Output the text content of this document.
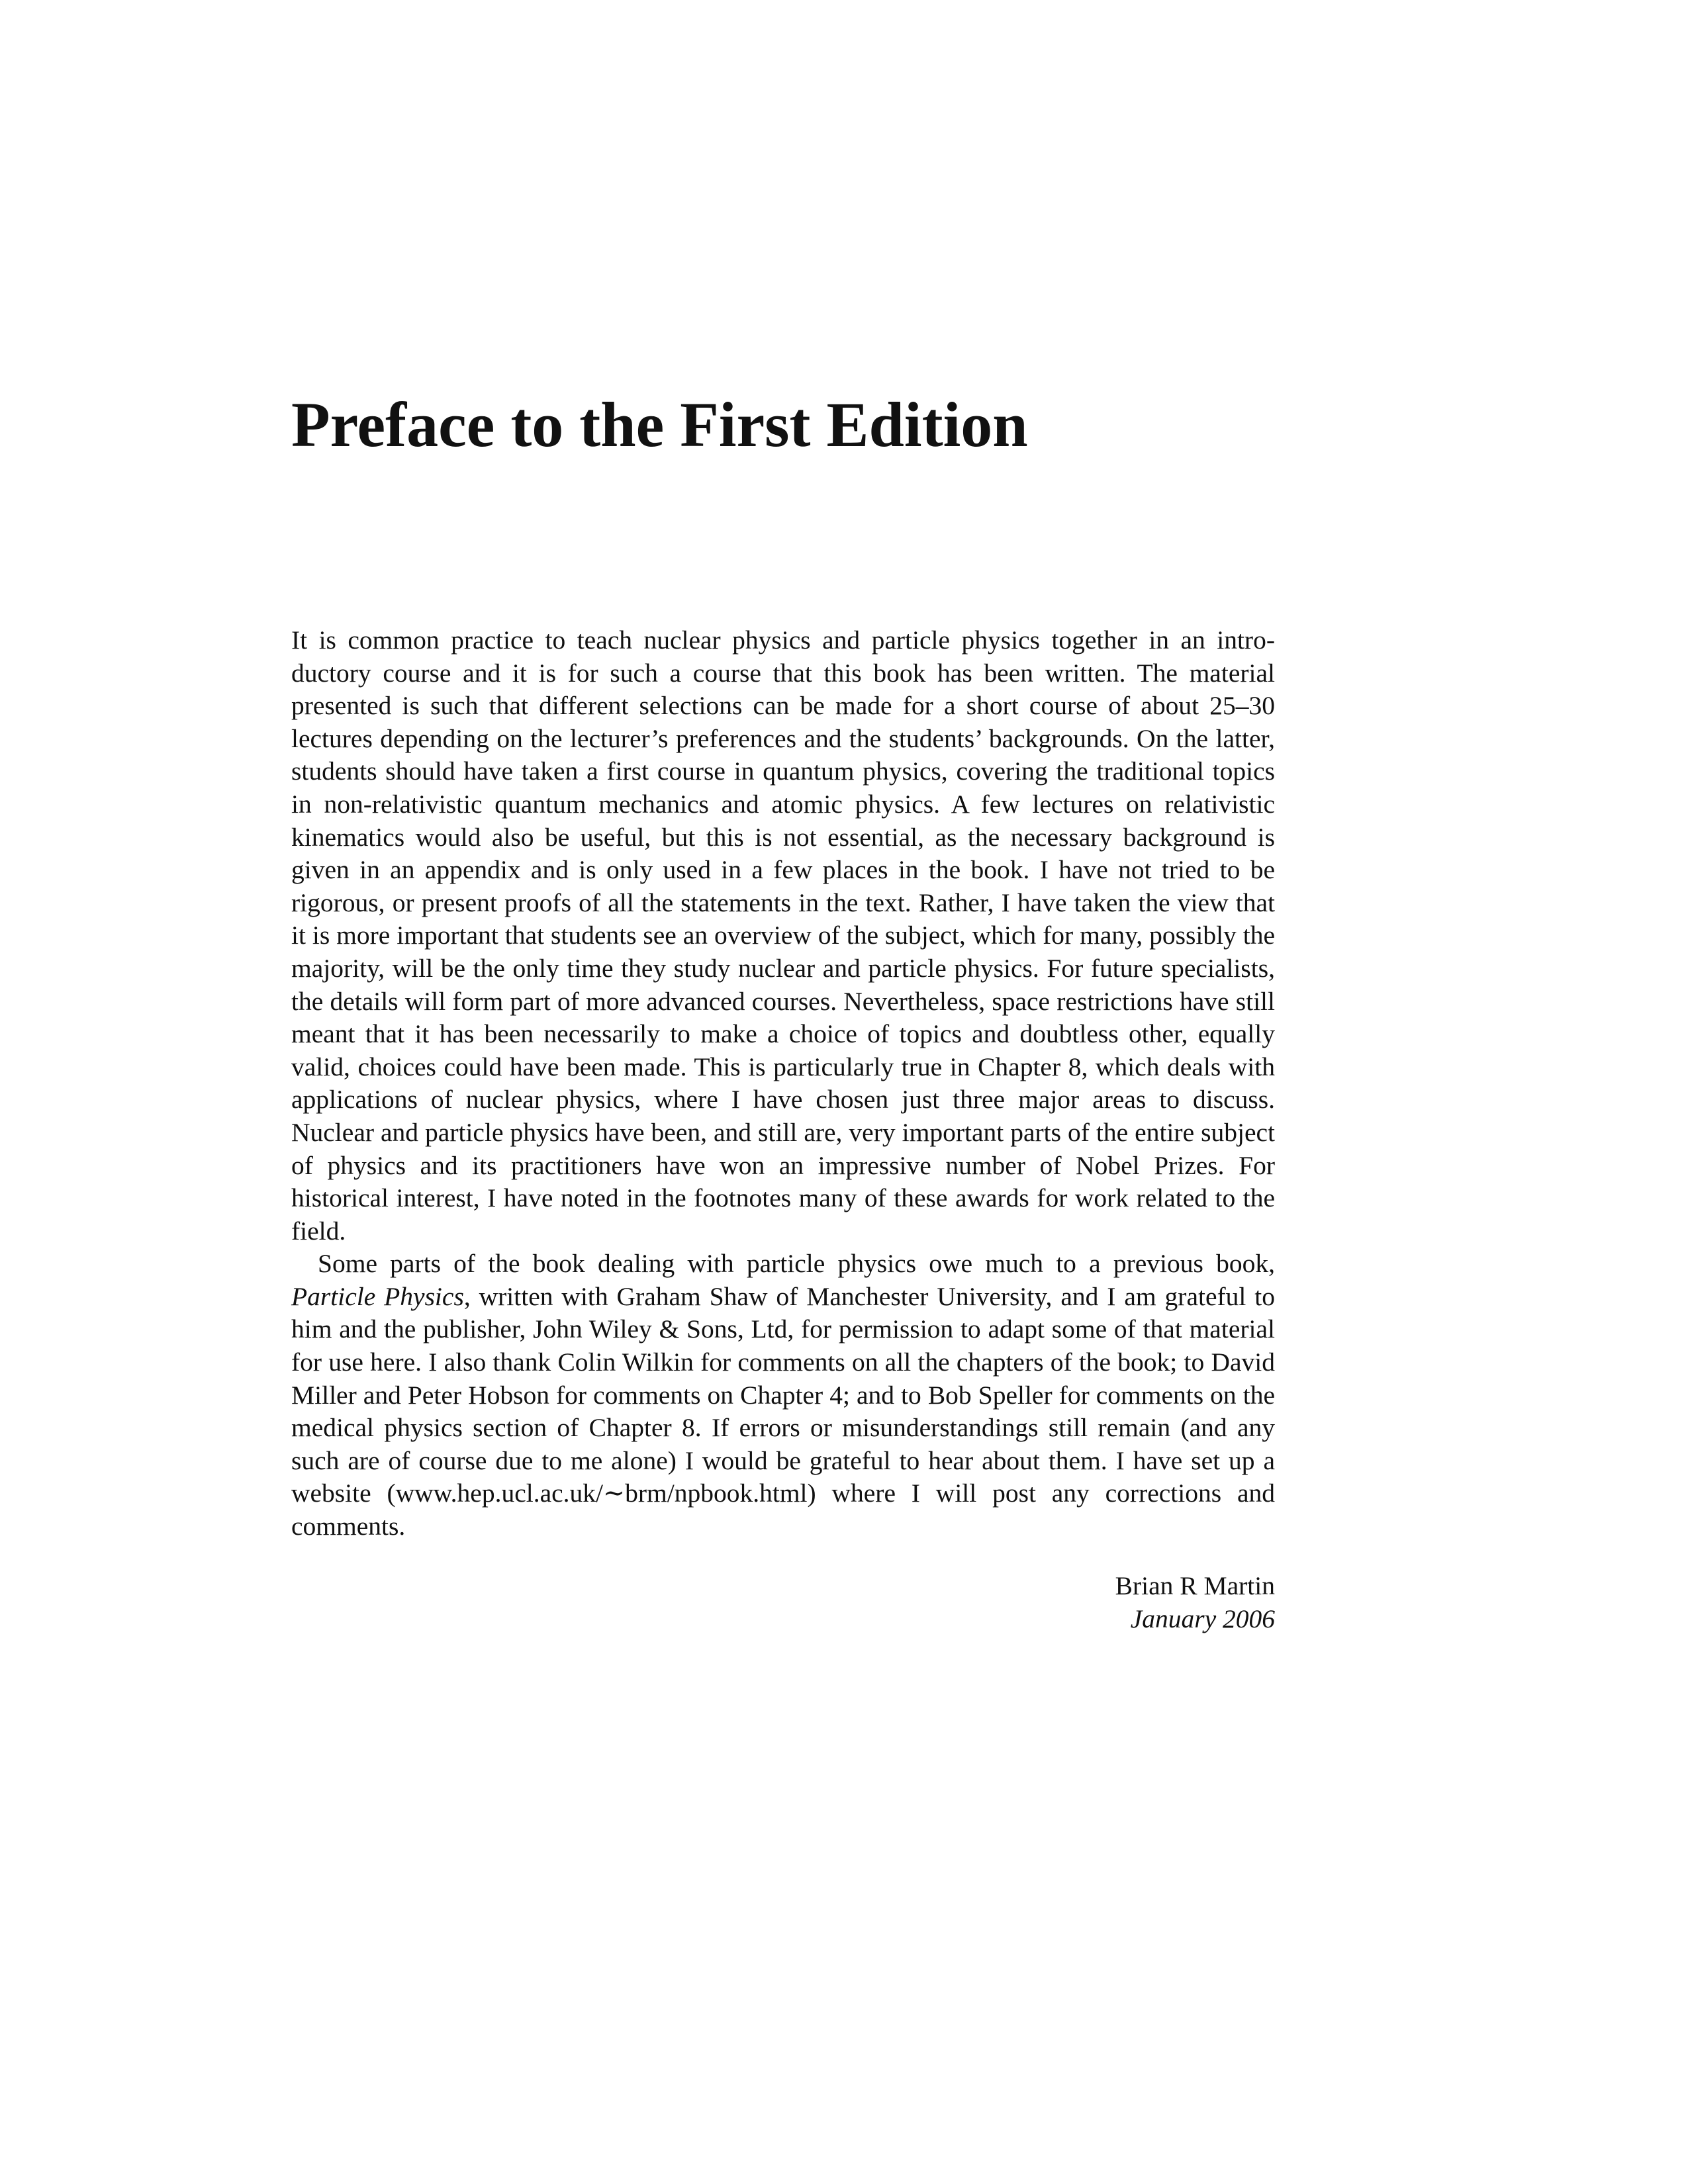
Preface to the First Edition

It is common practice to teach nuclear physics and particle physics together in an introductory course and it is for such a course that this book has been written. The material presented is such that different selections can be made for a short course of about 25–30 lectures depending on the lecturer’s preferences and the students’ backgrounds. On the latter, students should have taken a first course in quantum physics, covering the traditional topics in non-relativistic quantum mechanics and atomic physics. A few lectures on relativistic kinematics would also be useful, but this is not essential, as the necessary background is given in an appendix and is only used in a few places in the book. I have not tried to be rigorous, or present proofs of all the statements in the text. Rather, I have taken the view that it is more important that students see an overview of the subject, which for many, possibly the majority, will be the only time they study nuclear and particle physics. For future specialists, the details will form part of more advanced courses. Nevertheless, space restrictions have still meant that it has been necessarily to make a choice of topics and doubtless other, equally valid, choices could have been made. This is particularly true in Chapter 8, which deals with applications of nuclear physics, where I have chosen just three major areas to discuss. Nuclear and particle physics have been, and still are, very important parts of the entire subject of physics and its practitioners have won an impressive number of Nobel Prizes. For historical interest, I have noted in the footnotes many of these awards for work related to the field.

Some parts of the book dealing with particle physics owe much to a previous book, Particle Physics, written with Graham Shaw of Manchester University, and I am grateful to him and the publisher, John Wiley & Sons, Ltd, for permission to adapt some of that material for use here. I also thank Colin Wilkin for comments on all the chapters of the book; to David Miller and Peter Hobson for comments on Chapter 4; and to Bob Speller for comments on the medical physics section of Chapter 8. If errors or misunderstandings still remain (and any such are of course due to me alone) I would be grateful to hear about them. I have set up a website (www.hep.ucl.ac.uk/∼brm/npbook.html) where I will post any corrections and comments.

Brian R Martin
January 2006
